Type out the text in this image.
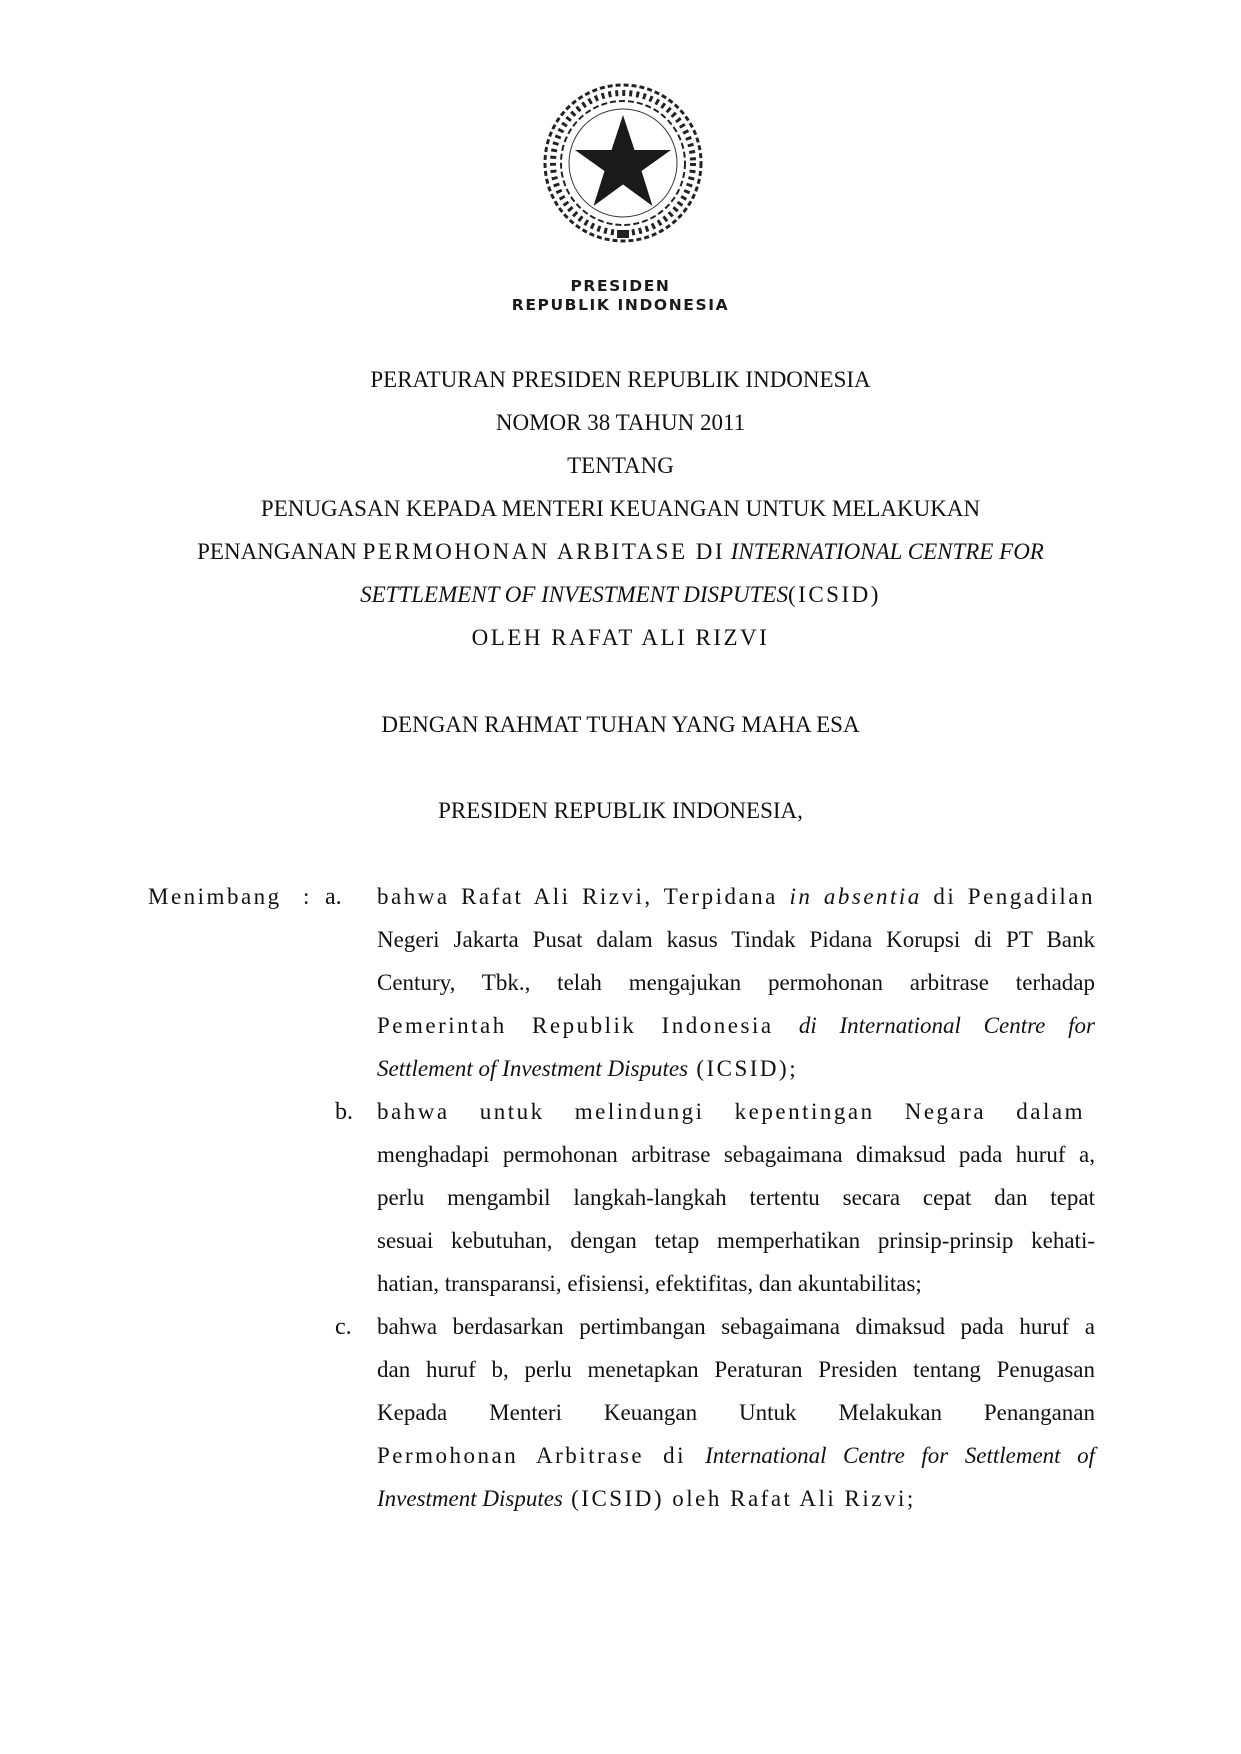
PRESIDEN
REPUBLIK INDONESIA
PERATURAN PRESIDEN REPUBLIK INDONESIA
NOMOR 38 TAHUN 2011
TENTANG
PENUGASAN KEPADA MENTERI KEUANGAN UNTUK MELAKUKAN
PENANGANAN PERMOHONAN ARBITASE DI INTERNATIONAL CENTRE FOR
SETTLEMENT OF INVESTMENT DISPUTES(ICSID)
OLEH RAFAT ALI RIZVI
DENGAN RAHMAT TUHAN YANG MAHA ESA
PRESIDEN REPUBLIK INDONESIA,
Menimbang : a. bahwa Rafat Ali Rizvi, Terpidana in absentia di Pengadilan
Negeri Jakarta Pusat dalam kasus Tindak Pidana Korupsi di PT Bank
Century, Tbk., telah mengajukan permohonan arbitrase terhadap
Pemerintah Republik Indonesia di International Centre for
Settlement of Investment Disputes (ICSID);
b. bahwa untuk melindungi kepentingan Negara dalam
menghadapi permohonan arbitrase sebagaimana dimaksud pada huruf a,
perlu mengambil langkah-langkah tertentu secara cepat dan tepat
sesuai kebutuhan, dengan tetap memperhatikan prinsip-prinsip kehati-
hatian, transparansi, efisiensi, efektifitas, dan akuntabilitas;
c. bahwa berdasarkan pertimbangan sebagaimana dimaksud pada huruf a
dan huruf b, perlu menetapkan Peraturan Presiden tentang Penugasan
Kepada Menteri Keuangan Untuk Melakukan Penanganan
Permohonan Arbitrase di International Centre for Settlement of
Investment Disputes (ICSID) oleh Rafat Ali Rizvi;
